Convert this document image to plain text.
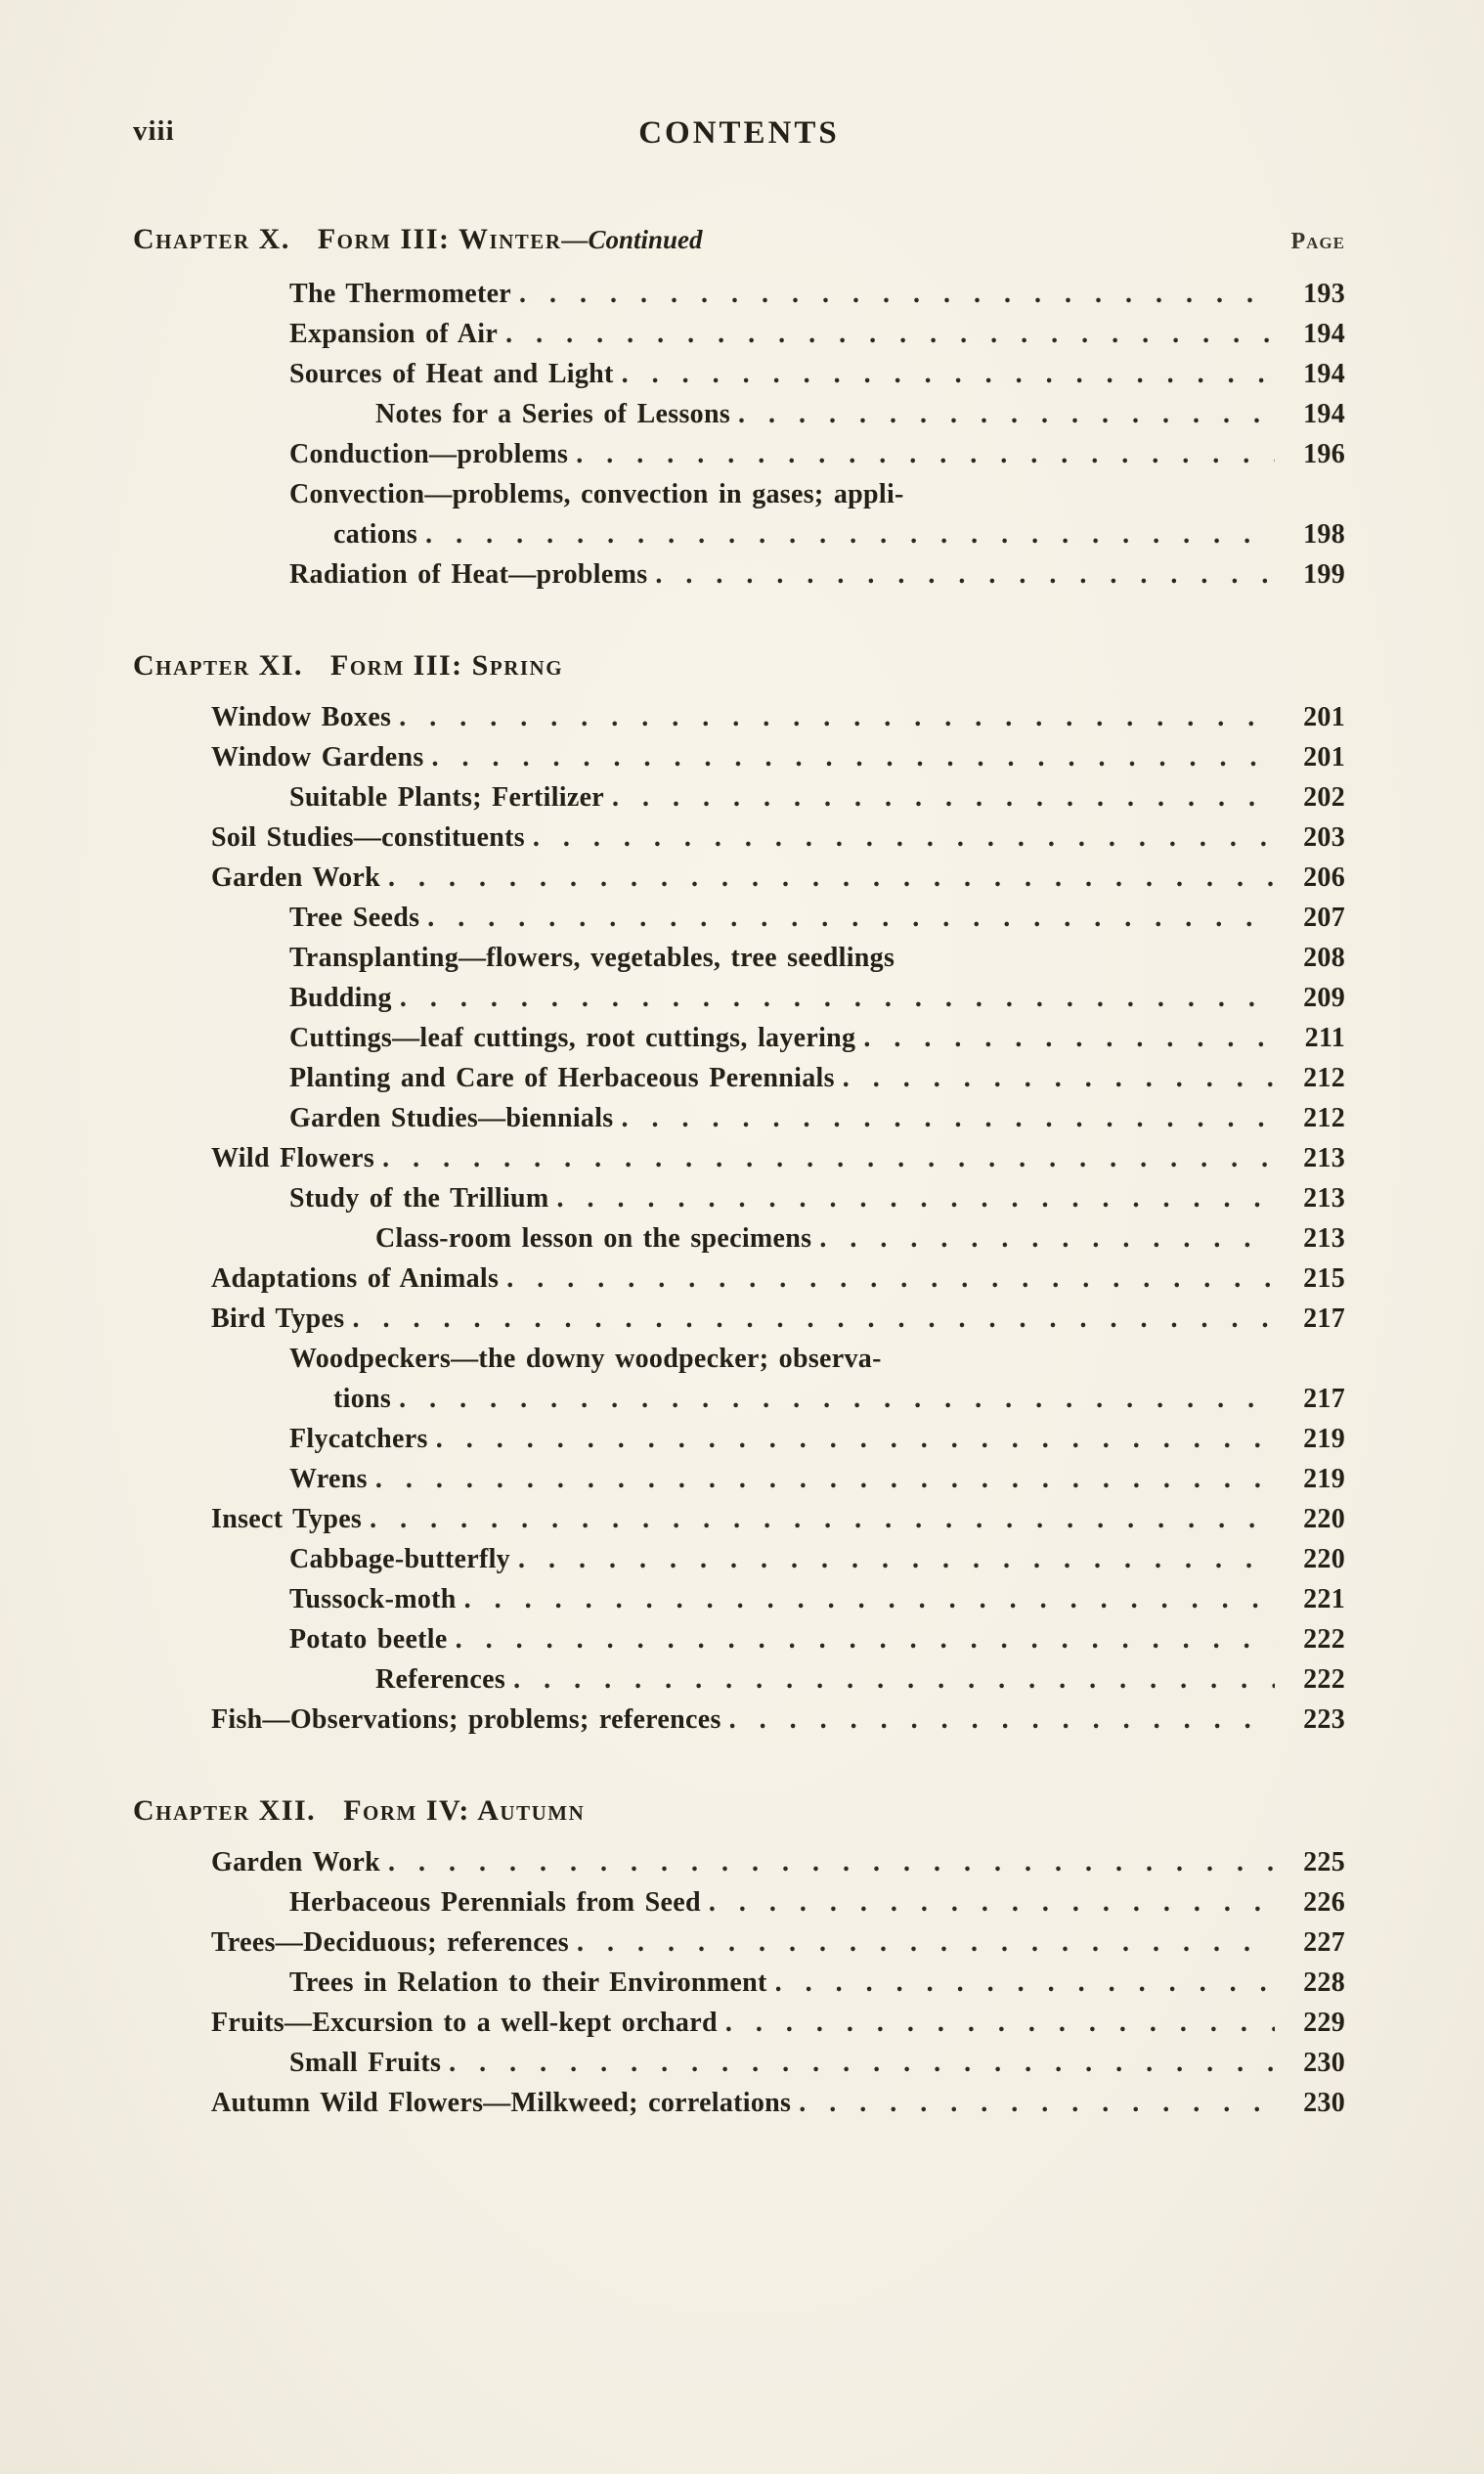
viii	CONTENTS
Chapter X. Form III: Winter —Continued	Page
The Thermometer . . .	193
Expansion of Air . . .	194
Sources of Heat and Light . . .	194
Notes for a Series of Lessons . . .	194
Conduction—problems . . .	196
Convection—problems, convection in gases; appli-
cations . . .	198
Radiation of Heat—problems . . .	199
Chapter XI. Form III: Spring
Window Boxes . . .	201
Window Gardens . . .	201
Suitable Plants; Fertilizer . . .	202
Soil Studies—constituents . . .	203
Garden Work . . .	206
Tree Seeds . . .	207
Transplanting—flowers, vegetables, tree seedlings	208
Budding . . .	209
Cuttings—leaf cuttings, root cuttings, layering . . .	211
Planting and Care of Herbaceous Perennials . . .	212
Garden Studies—biennials . . .	212
Wild Flowers . . .	213
Study of the Trillium . . .	213
Class-room lesson on the specimens . . .	213
Adaptations of Animals . . .	215
Bird Types . . .	217
Woodpeckers—the downy woodpecker; observa-
tions . . .	217
Flycatchers . . .	219
Wrens . . .	219
Insect Types . . .	220
Cabbage-butterfly . . .	220
Tussock-moth . . .	221
Potato beetle . . .	222
References . . .	222
Fish—Observations; problems; references . . .	223
Chapter XII. Form IV: Autumn
Garden Work . . .	225
Herbaceous Perennials from Seed . . .	226
Trees—Deciduous; references . . .	227
Trees in Relation to their Environment . . .	228
Fruits—Excursion to a well-kept orchard . . .	229
Small Fruits . . .	230
Autumn Wild Flowers—Milkweed; correlations . . .	230
